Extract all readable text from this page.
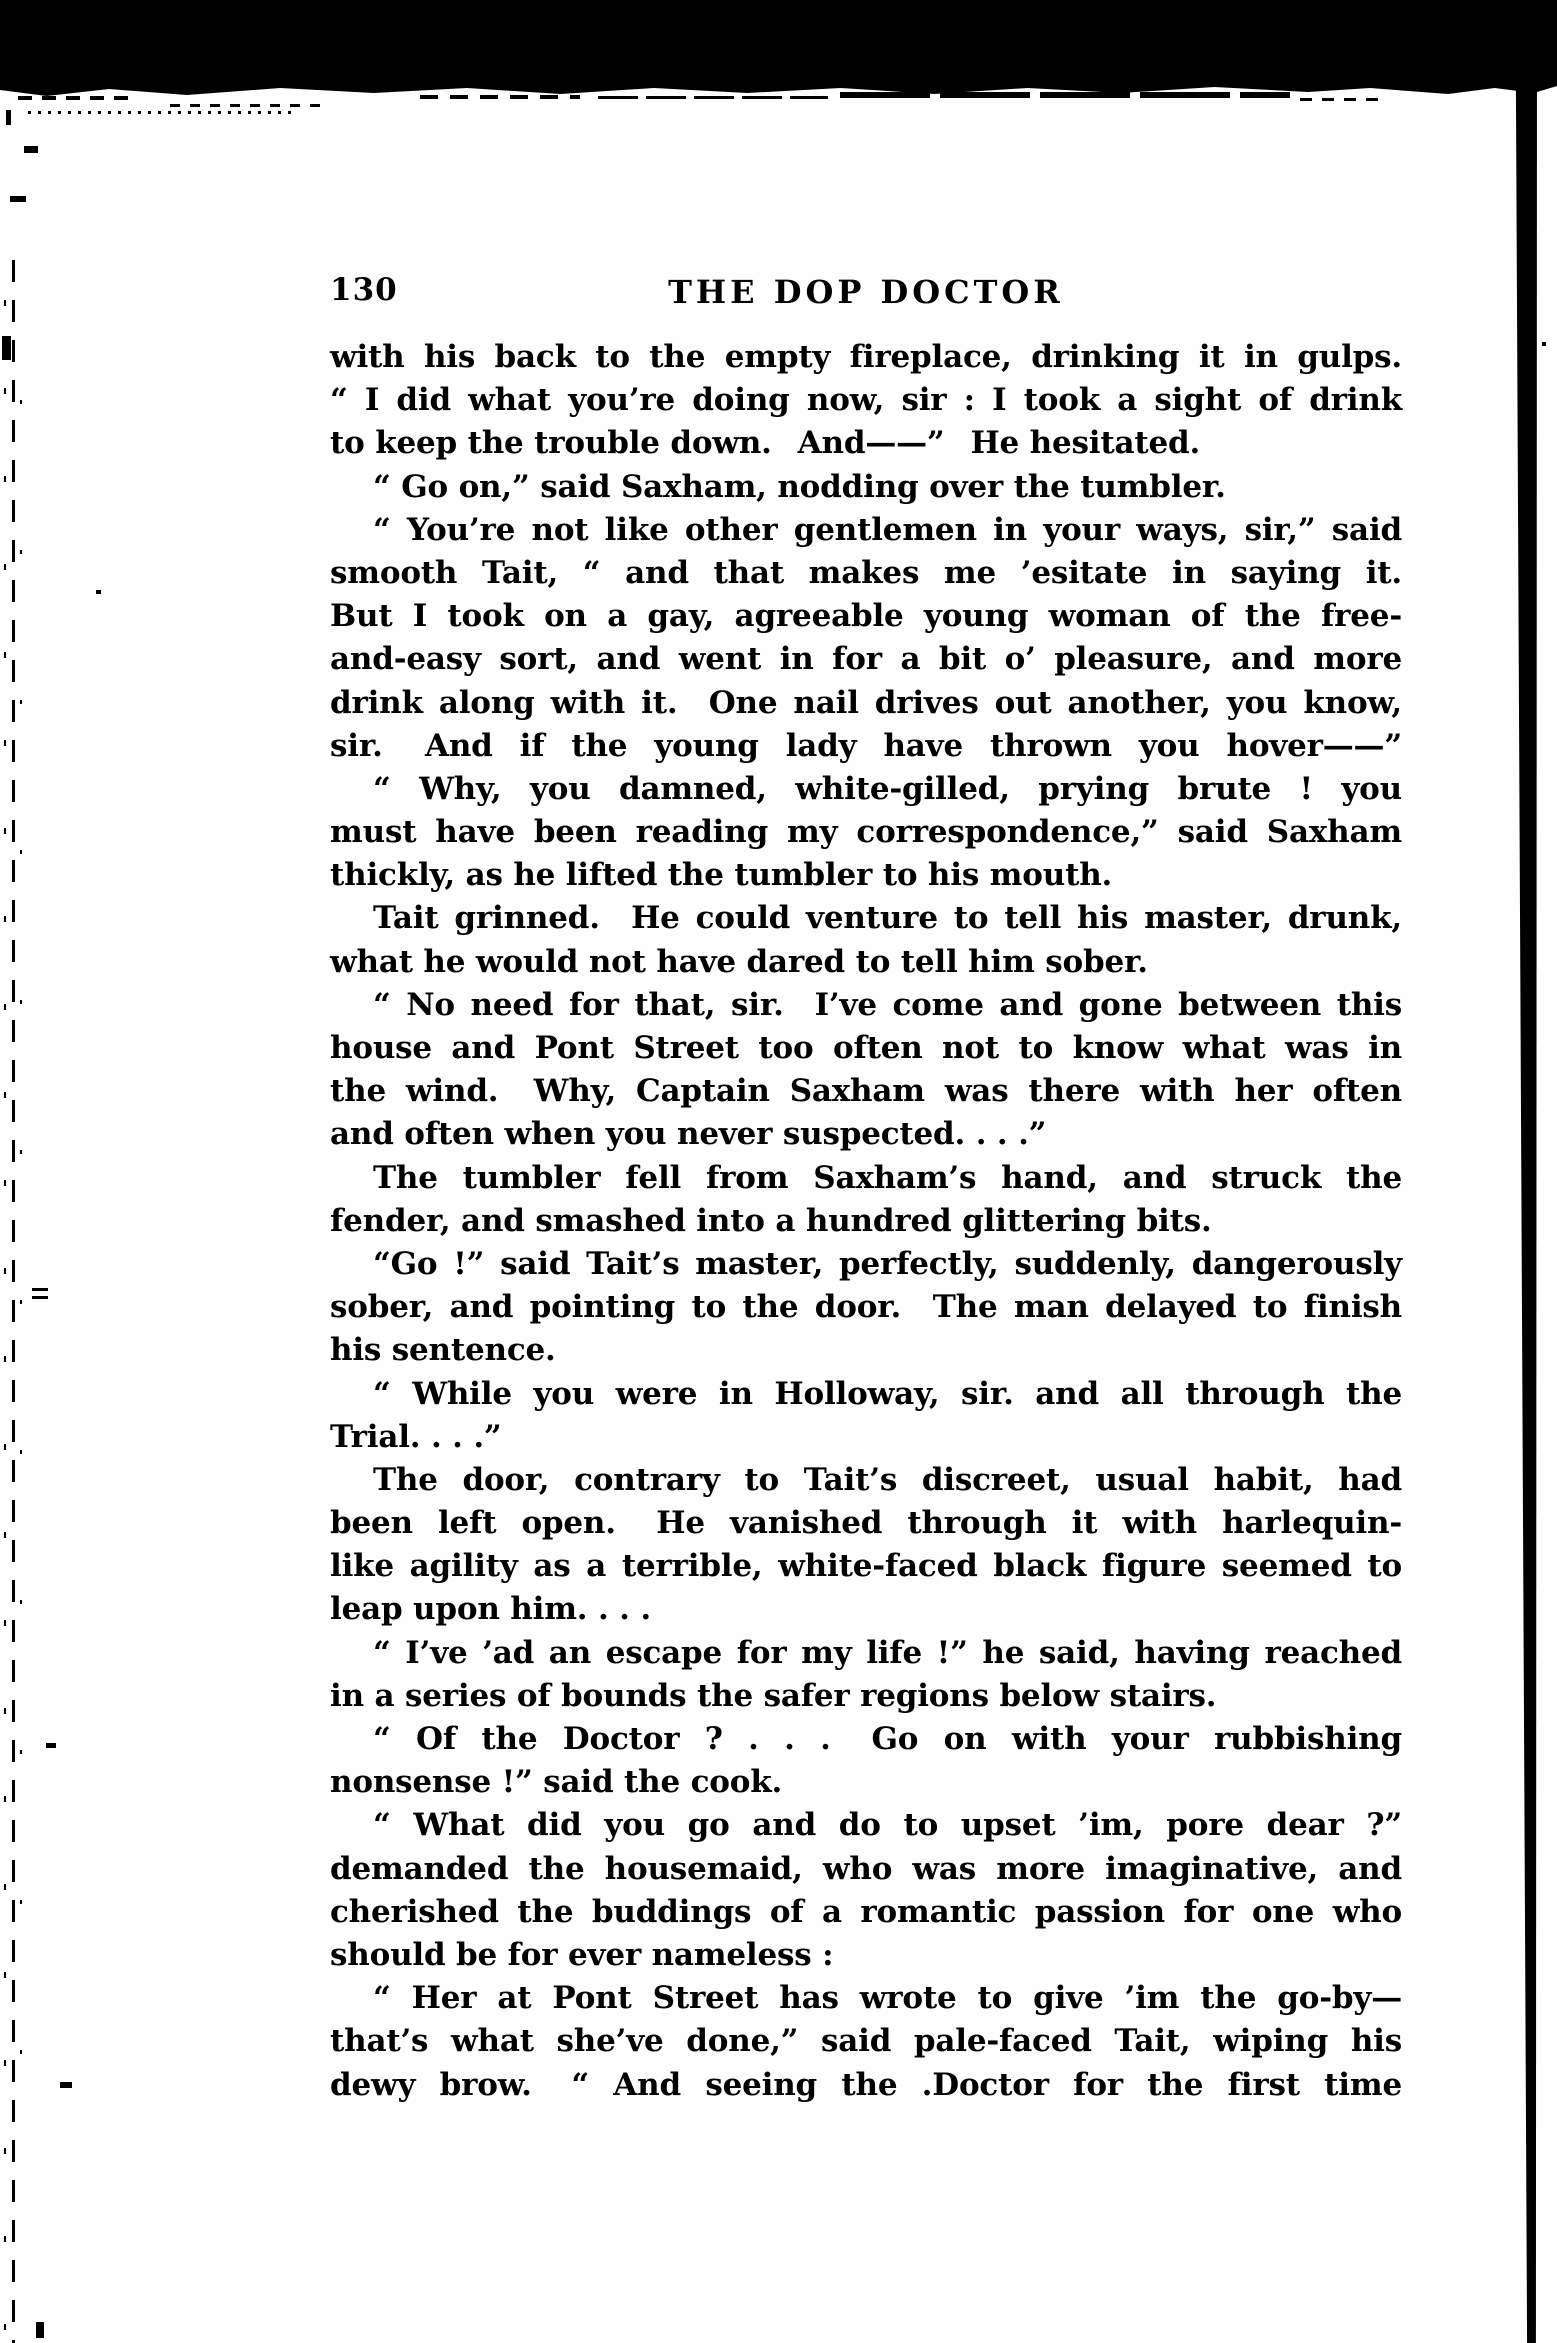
130	THE DOP DOCTOR
with his back to the empty fireplace, drinking it in gulps.
“ I did what you’re doing now, sir : I took a sight of drink
to keep the trouble down.  And——”  He hesitated.
“ Go on,” said Saxham, nodding over the tumbler.
“ You’re not like other gentlemen in your ways, sir,” said
smooth Tait, “ and that makes me ’esitate in saying it.
But I took on a gay, agreeable young woman of the free-
and-easy sort, and went in for a bit o’ pleasure, and more
drink along with it.  One nail drives out another, you know,
sir.  And if the young lady have thrown you hover——”
“ Why, you damned, white-gilled, prying brute ! you
must have been reading my correspondence,” said Saxham
thickly, as he lifted the tumbler to his mouth.
Tait grinned.  He could venture to tell his master, drunk,
what he would not have dared to tell him sober.
“ No need for that, sir.  I’ve come and gone between this
house and Pont Street too often not to know what was in
the wind.  Why, Captain Saxham was there with her often
and often when you never suspected. . . .”
The tumbler fell from Saxham’s hand, and struck the
fender, and smashed into a hundred glittering bits.
“Go !” said Tait’s master, perfectly, suddenly, dangerously
sober, and pointing to the door.  The man delayed to finish
his sentence.
“ While you were in Holloway, sir. and all through the
Trial. . . .”
The door, contrary to Tait’s discreet, usual habit, had
been left open.  He vanished through it with harlequin-
like agility as a terrible, white-faced black figure seemed to
leap upon him. . . .
“ I’ve ’ad an escape for my life !” he said, having reached
in a series of bounds the safer regions below stairs.
“ Of the Doctor ? . . .  Go on with your rubbishing
nonsense !” said the cook.
“ What did you go and do to upset ’im, pore dear ?”
demanded the housemaid, who was more imaginative, and
cherished the buddings of a romantic passion for one who
should be for ever nameless :
“ Her at Pont Street has wrote to give ’im the go-by—
that’s what she’ve done,” said pale-faced Tait, wiping his
dewy brow.  “ And seeing the .Doctor for the first time
